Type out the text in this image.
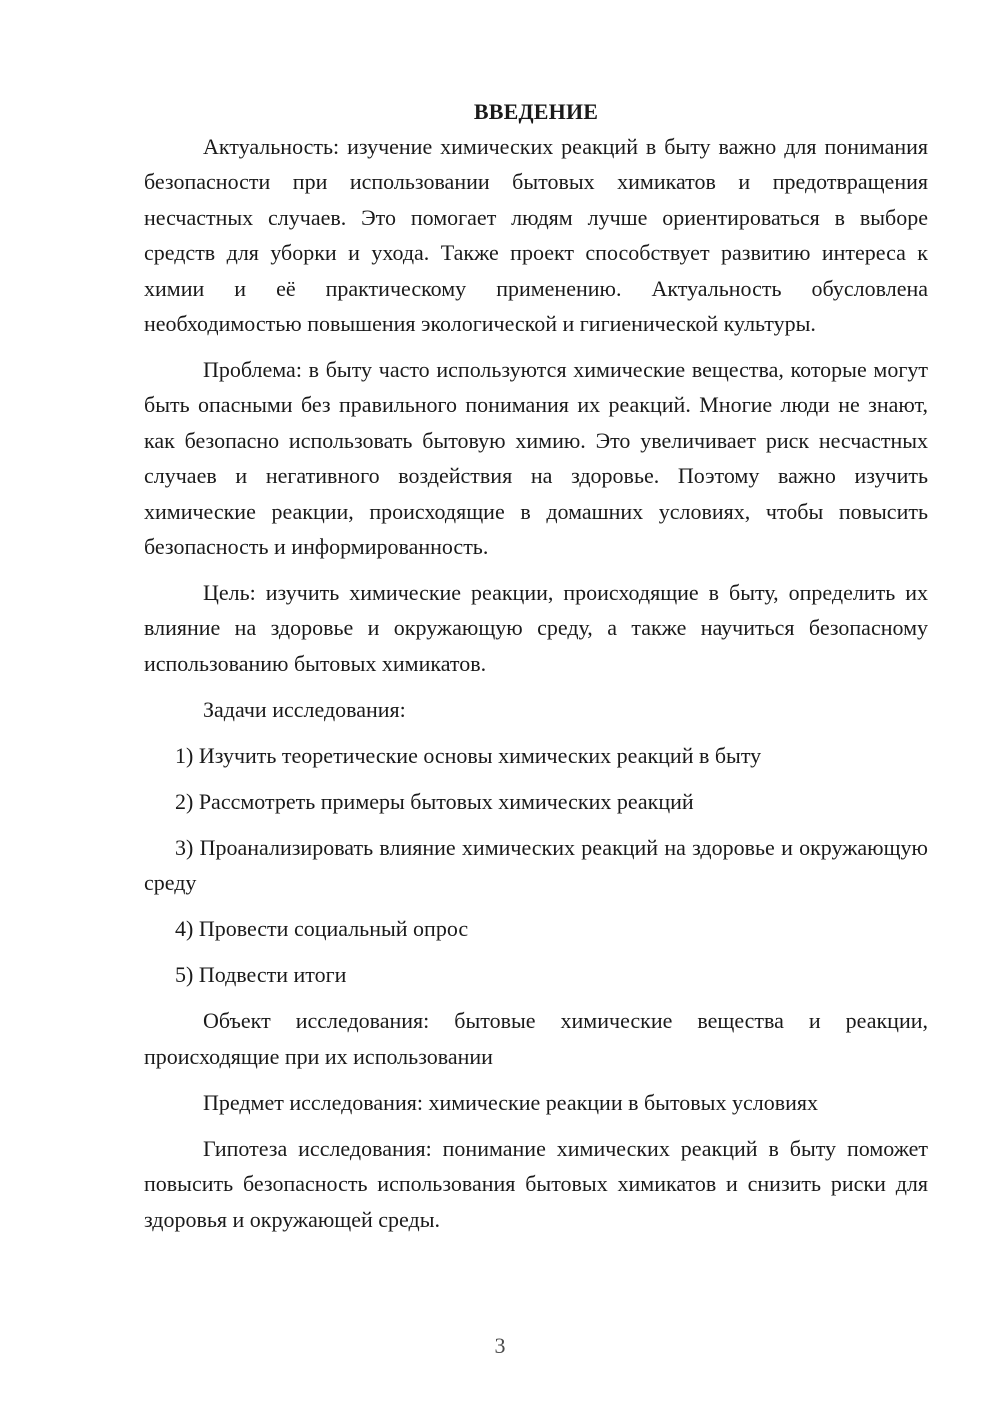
ВВЕДЕНИЕ

Актуальность: изучение химических реакций в быту важно для понимания безопасности при использовании бытовых химикатов и предотвращения несчастных случаев. Это помогает людям лучше ориентироваться в выборе средств для уборки и ухода. Также проект способствует развитию интереса к химии и её практическому применению. Актуальность обусловлена необходимостью повышения экологической и гигиенической культуры.

Проблема: в быту часто используются химические вещества, которые могут быть опасными без правильного понимания их реакций. Многие люди не знают, как безопасно использовать бытовую химию. Это увеличивает риск несчастных случаев и негативного воздействия на здоровье. Поэтому важно изучить химические реакции, происходящие в домашних условиях, чтобы повысить безопасность и информированность.

Цель: изучить химические реакции, происходящие в быту, определить их влияние на здоровье и окружающую среду, а также научиться безопасному использованию бытовых химикатов.

Задачи исследования:

1) Изучить теоретические основы химических реакций в быту

2) Рассмотреть примеры бытовых химических реакций

3) Проанализировать влияние химических реакций на здоровье и окружающую среду

4) Провести социальный опрос

5) Подвести итоги

Объект исследования: бытовые химические вещества и реакции, происходящие при их использовании

Предмет исследования: химические реакции в бытовых условиях

Гипотеза исследования: понимание химических реакций в быту поможет повысить безопасность использования бытовых химикатов и снизить риски для здоровья и окружающей среды.

3
